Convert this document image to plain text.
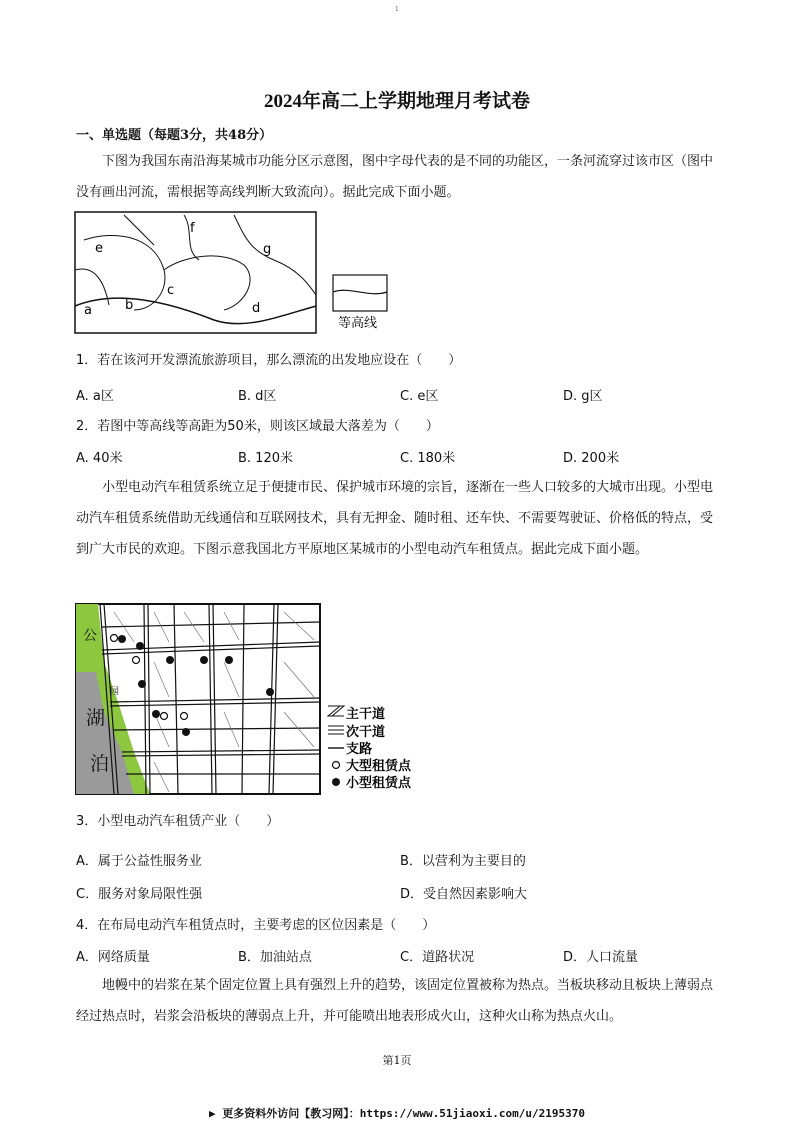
1
2024年高二上学期地理月考试卷
一、单选题（每题3分，共48分）
下图为我国东南沿海某城市功能分区示意图，图中字母代表的是不同的功能区，一条河流穿过该市区（图中没有画出河流，需根据等高线判断大致流向）。据此完成下面小题。
a	b
c
d
e
f
g
等高线
1．若在该河开发漂流旅游项目，那么漂流的出发地应设在（　　）
A. a区	B. d区	C. e区	D. g区
2．若图中等高线等高距为50米，则该区域最大落差为（　　）
A. 40米	B. 120米	C. 180米	D. 200米
小型电动汽车租赁系统立足于便捷市民、保护城市环境的宗旨，逐渐在一些人口较多的大城市出现。小型电动汽车租赁系统借助无线通信和互联网技术，具有无押金、随时租、还车快、不需要驾驶证、价格低的特点，受到广大市民的欢迎。下图示意我国北方平原地区某城市的小型电动汽车租赁点。据此完成下面小题。
公
园
湖
泊
主干道
次干道
支路
大型租赁点
小型租赁点
3．小型电动汽车租赁产业（　　）
A．属于公益性服务业	B．以营利为主要目的
C．服务对象局限性强	D．受自然因素影响大
4．在布局电动汽车租赁点时，主要考虑的区位因素是（　　）
A．网络质量	B．加油站点	C．道路状况	D．人口流量
地幔中的岩浆在某个固定位置上具有强烈上升的趋势，该固定位置被称为热点。当板块移动且板块上薄弱点经过热点时，岩浆会沿板块的薄弱点上升，并可能喷出地表形成火山，这种火山称为热点火山。
第1页
▶ 更多资料外访问【教习网】：https://www.51jiaoxi.com/u/2195370
